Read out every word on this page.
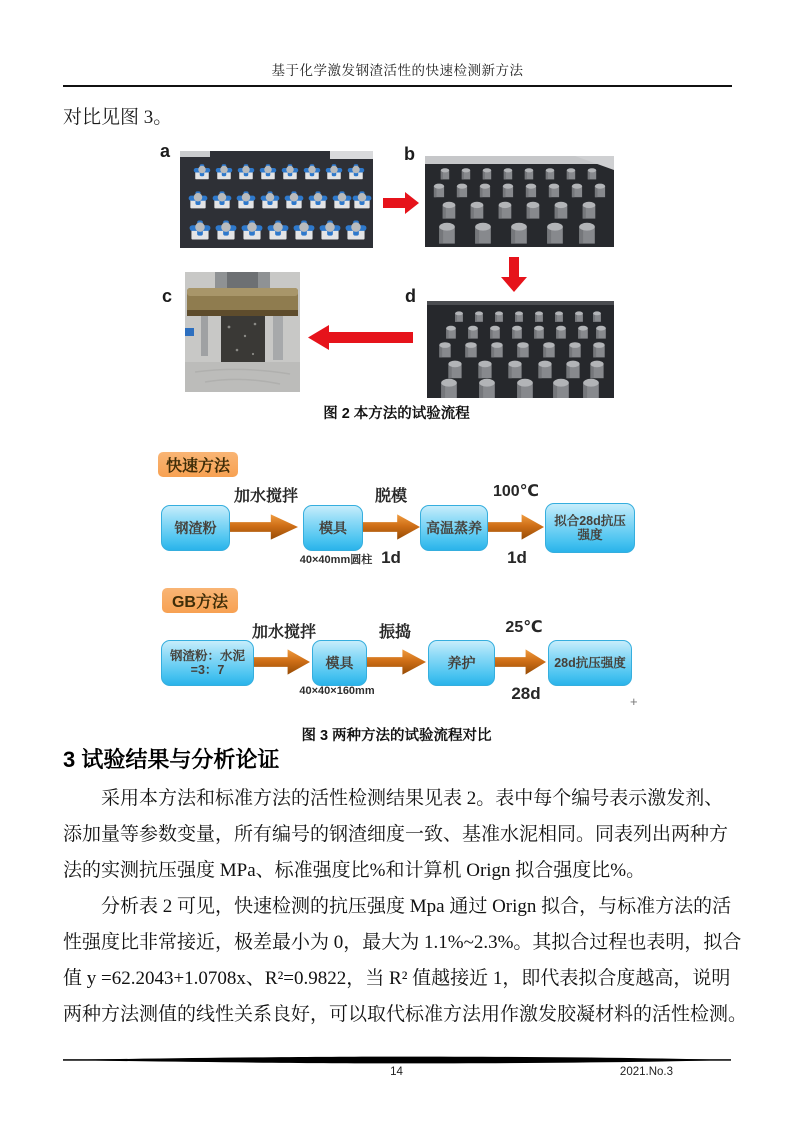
基于化学激发钢渣活性的快速检测新方法
对比见图 3。
a	b
c	d
图 2 本方法的试验流程
快速方法
钢渣粉
加水搅拌
模具
40×40mm圆柱
脱模
1d
高温蒸养
100℃
1d
拟合28d抗压
强度
GB方法
钢渣粉：水泥
=3：7
加水搅拌
模具
40×40×160mm
振捣
养护
25℃
28d
28d抗压强度
+
图 3 两种方法的试验流程对比
3 试验结果与分析论证
采用本方法和标准方法的活性检测结果见表 2。表中每个编号表示激发剂、
添加量等参数变量，所有编号的钢渣细度一致、基准水泥相同。同表列出两种方
法的实测抗压强度 MPa、标准强度比%和计算机 Orign 拟合强度比%。
分析表 2 可见，快速检测的抗压强度 Mpa 通过 Orign 拟合，与标准方法的活
性强度比非常接近，极差最小为 0，最大为 1.1%~2.3%。其拟合过程也表明，拟合
值 y =62.2043+1.0708x、R²=0.9822，当 R² 值越接近 1，即代表拟合度越高，说明
两种方法测值的线性关系良好，可以取代标准方法用作激发胶凝材料的活性检测。
14	2021.No.3
